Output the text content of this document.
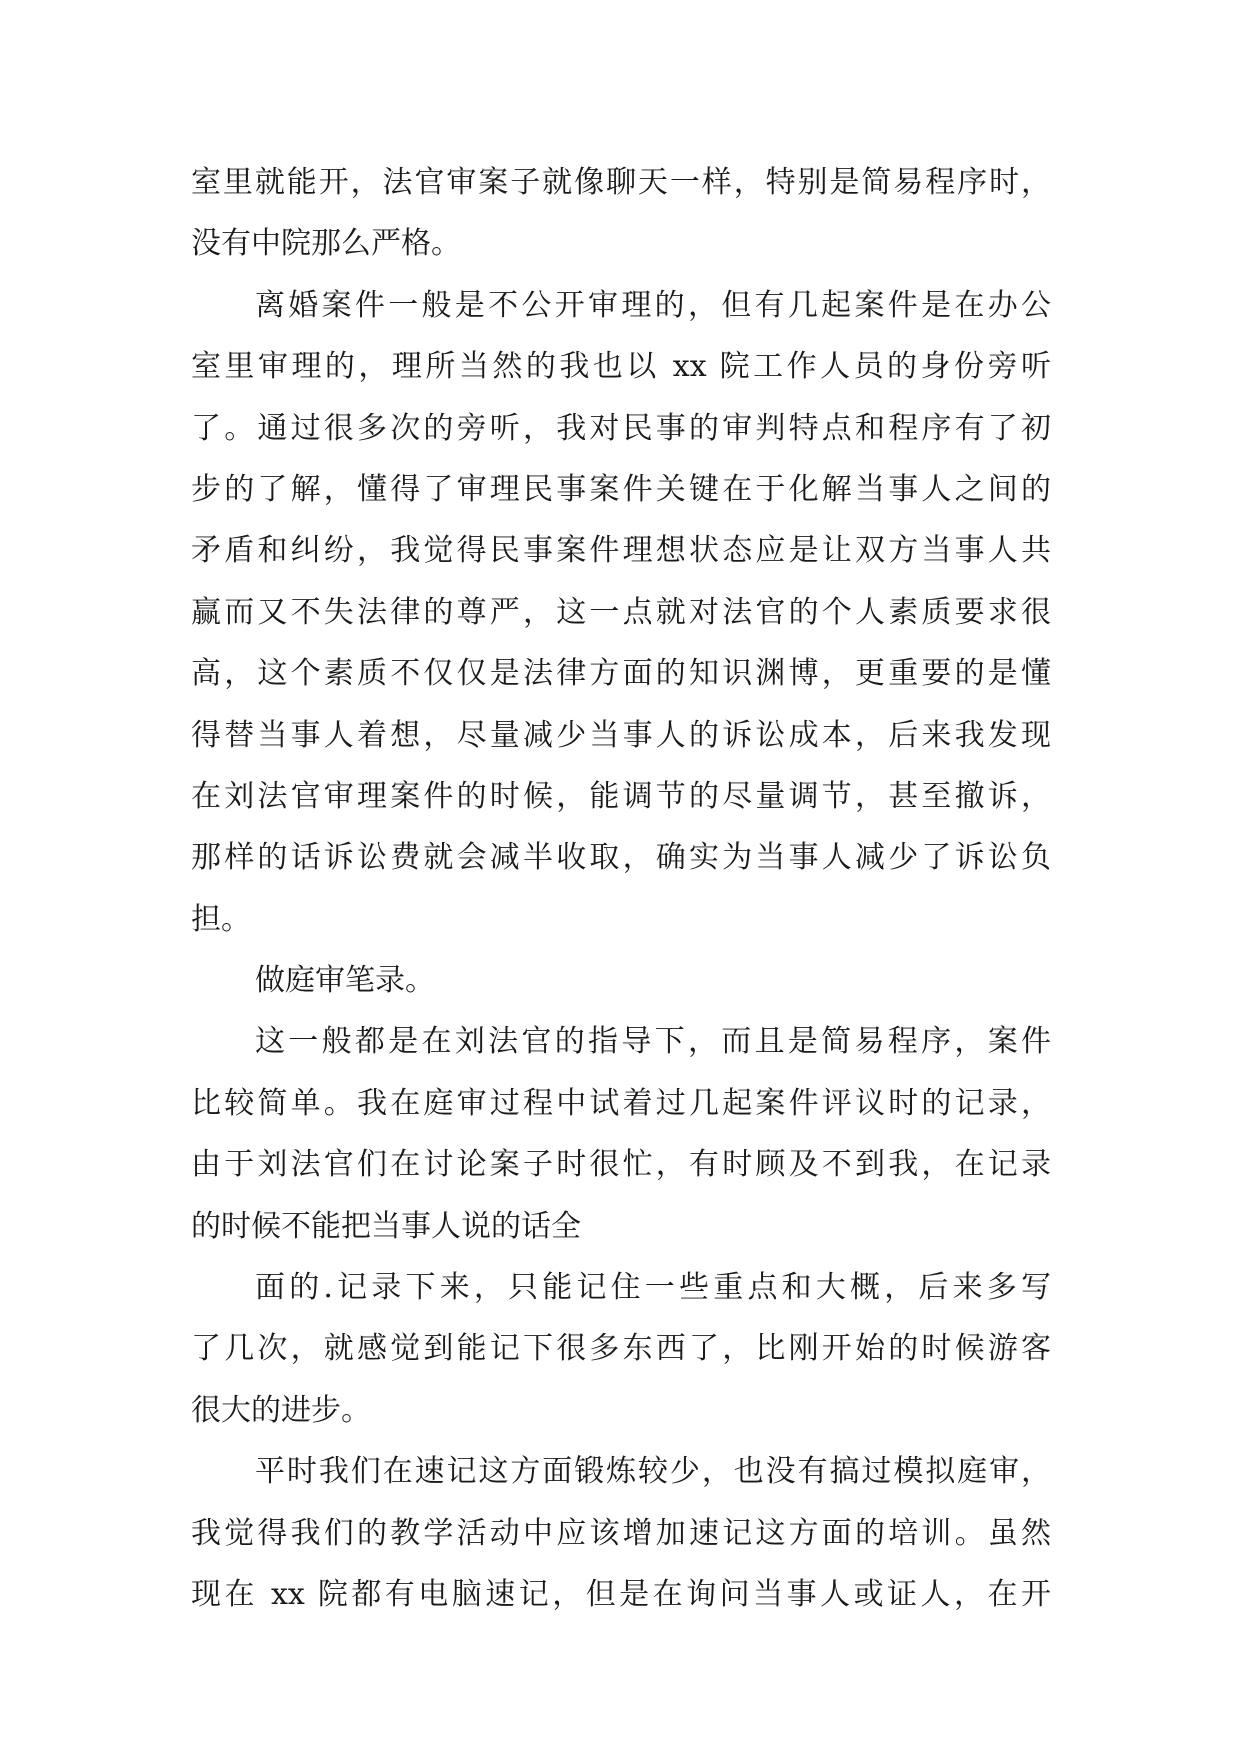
室里就能开，法官审案子就像聊天一样，特别是简易程序时，
没有中院那么严格。
离婚案件一般是不公开审理的，但有几起案件是在办公
室里审理的，理所当然的我也以 xx 院工作人员的身份旁听
了。通过很多次的旁听，我对民事的审判特点和程序有了初
步的了解，懂得了审理民事案件关键在于化解当事人之间的
矛盾和纠纷，我觉得民事案件理想状态应是让双方当事人共
赢而又不失法律的尊严，这一点就对法官的个人素质要求很
高，这个素质不仅仅是法律方面的知识渊博，更重要的是懂
得替当事人着想，尽量减少当事人的诉讼成本，后来我发现
在刘法官审理案件的时候，能调节的尽量调节，甚至撤诉，
那样的话诉讼费就会减半收取，确实为当事人减少了诉讼负
担。
做庭审笔录。
这一般都是在刘法官的指导下，而且是简易程序，案件
比较简单。我在庭审过程中试着过几起案件评议时的记录，
由于刘法官们在讨论案子时很忙，有时顾及不到我，在记录
的时候不能把当事人说的话全
面的.记录下来，只能记住一些重点和大概，后来多写
了几次，就感觉到能记下很多东西了，比刚开始的时候游客
很大的进步。
平时我们在速记这方面锻炼较少，也没有搞过模拟庭审，
我觉得我们的教学活动中应该增加速记这方面的培训。虽然
现在 xx 院都有电脑速记，但是在询问当事人或证人，在开
